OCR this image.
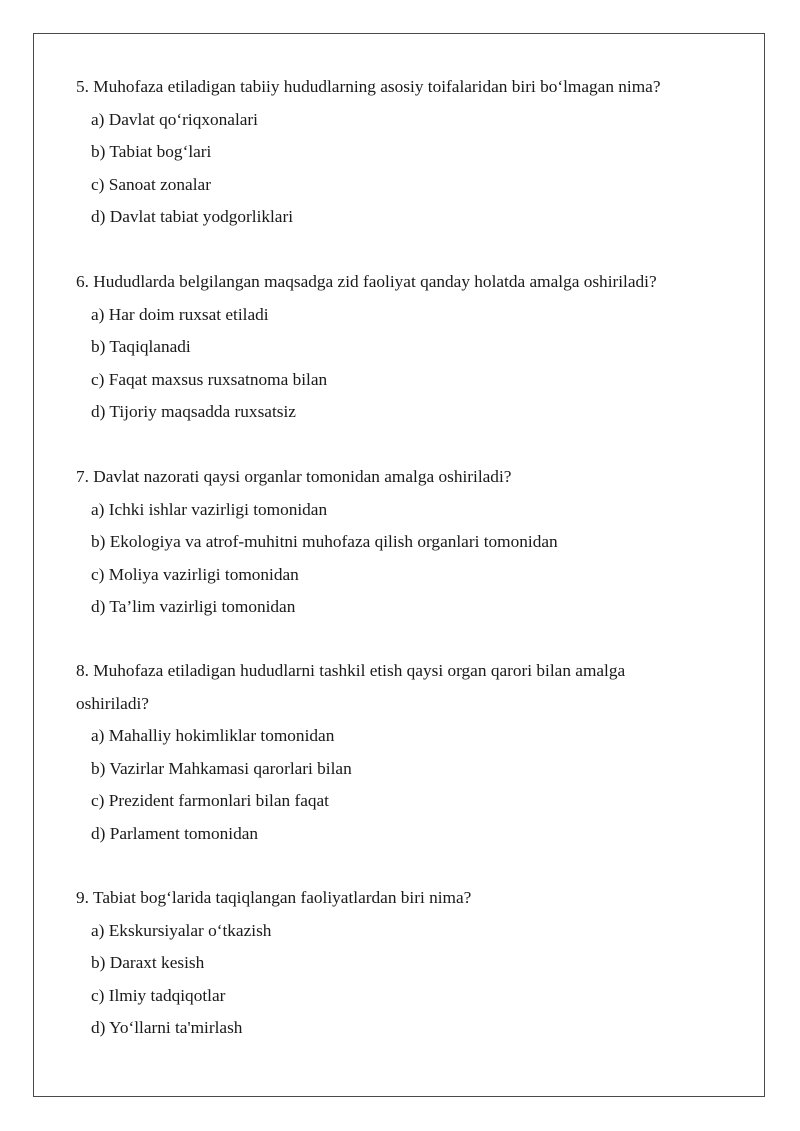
5. Muhofaza etiladigan tabiiy hududlarning asosiy toifalaridan biri bo‘lmagan nima?

a) Davlat qo‘riqxonalari

b) Tabiat bog‘lari

c) Sanoat zonalar

d) Davlat tabiat yodgorliklari

6. Hududlarda belgilangan maqsadga zid faoliyat qanday holatda amalga oshiriladi?

a) Har doim ruxsat etiladi

b) Taqiqlanadi

c) Faqat maxsus ruxsatnoma bilan

d) Tijoriy maqsadda ruxsatsiz

7. Davlat nazorati qaysi organlar tomonidan amalga oshiriladi?

a) Ichki ishlar vazirligi tomonidan

b) Ekologiya va atrof-muhitni muhofaza qilish organlari tomonidan

c) Moliya vazirligi tomonidan

d) Ta’lim vazirligi tomonidan

8. Muhofaza etiladigan hududlarni tashkil etish qaysi organ qarori bilan amalga oshiriladi?

a) Mahalliy hokimliklar tomonidan

b) Vazirlar Mahkamasi qarorlari bilan

c) Prezident farmonlari bilan faqat

d) Parlament tomonidan

9. Tabiat bog‘larida taqiqlangan faoliyatlardan biri nima?

a) Ekskursiyalar o‘tkazish

b) Daraxt kesish

c) Ilmiy tadqiqotlar

d) Yo‘llarni ta'mirlash
